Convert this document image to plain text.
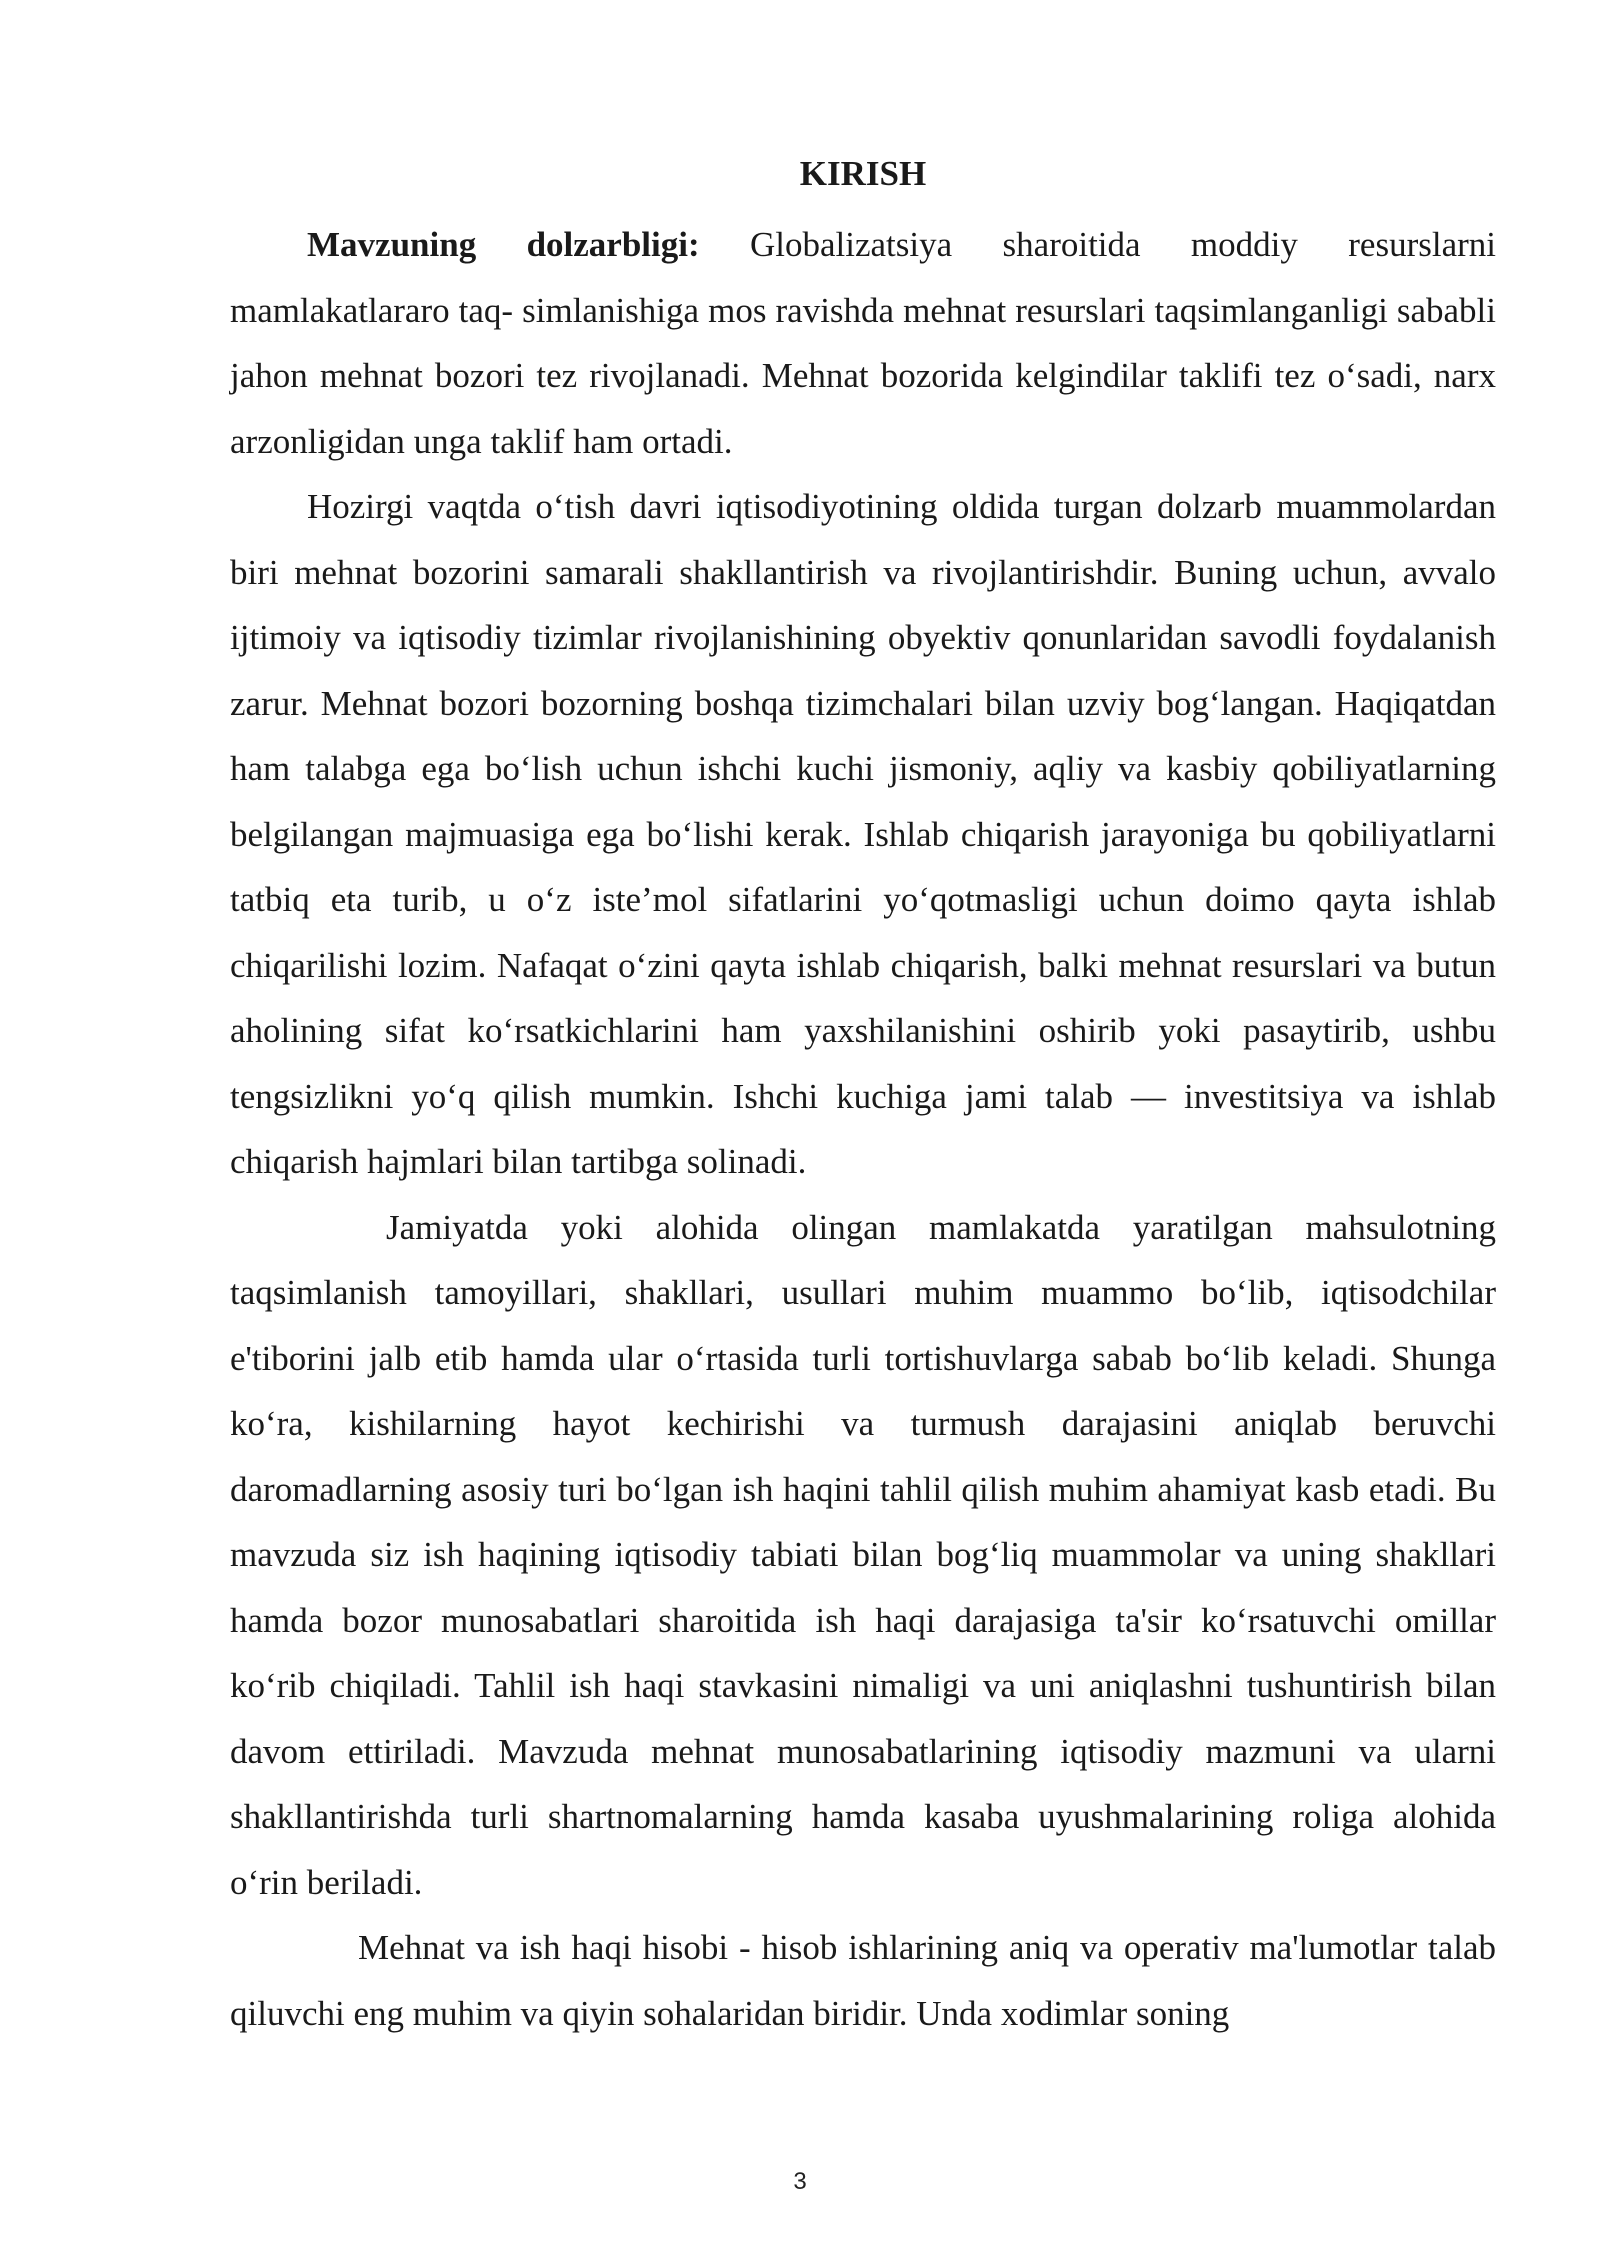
KIRISH

Mavzuning dolzarbligi: Globalizatsiya sharoitida moddiy resurslarni mamlakatlararo taq- simlanishiga mos ravishda mehnat resurslari taqsimlanganligi sababli jahon mehnat bozori tez rivojlanadi. Mehnat bozorida kelgindilar taklifi tez o‘sadi, narx arzonligidan unga taklif ham ortadi.

Hozirgi vaqtda o‘tish davri iqtisodiyotining oldida turgan dolzarb muammolardan biri mehnat bozorini samarali shakllantirish va rivojlantirishdir. Buning uchun, avvalo ijtimoiy va iqtisodiy tizimlar rivojlanishining obyektiv qonunlaridan savodli foydalanish zarur. Mehnat bozori bozorning boshqa tizimchalari bilan uzviy bog‘langan. Haqiqatdan ham talabga ega bo‘lish uchun ishchi kuchi jismoniy, aqliy va kasbiy qobiliyatlarning belgilangan majmuasiga ega bo‘lishi kerak. Ishlab chiqarish jarayoniga bu qobiliyatlarni tatbiq eta turib, u o‘z iste’mol sifatlarini yo‘qotmasligi uchun doimo qayta ishlab chiqarilishi lozim. Nafaqat o‘zini qayta ishlab chiqarish, balki mehnat resurslari va butun aholining sifat ko‘rsatkichlarini ham yaxshilanishini oshirib yoki pasaytirib, ushbu tengsizlikni yo‘q qilish mumkin. Ishchi kuchiga jami talab — investitsiya va ishlab chiqarish hajmlari bilan tartibga solinadi.

Jamiyatda yoki alohida olingan mamlakatda yaratilgan mahsulotning taqsimlanish tamoyillari, shakllari, usullari muhim muammo bo‘lib, iqtisodchilar e'tiborini jalb etib hamda ular o‘rtasida turli tortishuvlarga sabab bo‘lib keladi. Shunga ko‘ra, kishilarning hayot kechirishi va turmush darajasini aniqlab beruvchi daromadlarning asosiy turi bo‘lgan ish haqini tahlil qilish muhim ahamiyat kasb etadi. Bu mavzuda siz ish haqining iqtisodiy tabiati bilan bog‘liq muammolar va uning shakllari hamda bozor munosabatlari sharoitida ish haqi darajasiga ta'sir ko‘rsatuvchi omillar ko‘rib chiqiladi. Tahlil ish haqi stavkasini nimaligi va uni aniqlashni tushuntirish bilan davom ettiriladi. Mavzuda mehnat munosabatlarining iqtisodiy mazmuni va ularni shakllantirishda turli shartnomalarning hamda kasaba uyushmalarining roliga alohida o‘rin beriladi.

Mehnat va ish haqi hisobi - hisob ishlarining aniq va operativ ma'lumotlar talab qiluvchi eng muhim va qiyin sohalaridan biridir. Unda xodimlar soning

3
